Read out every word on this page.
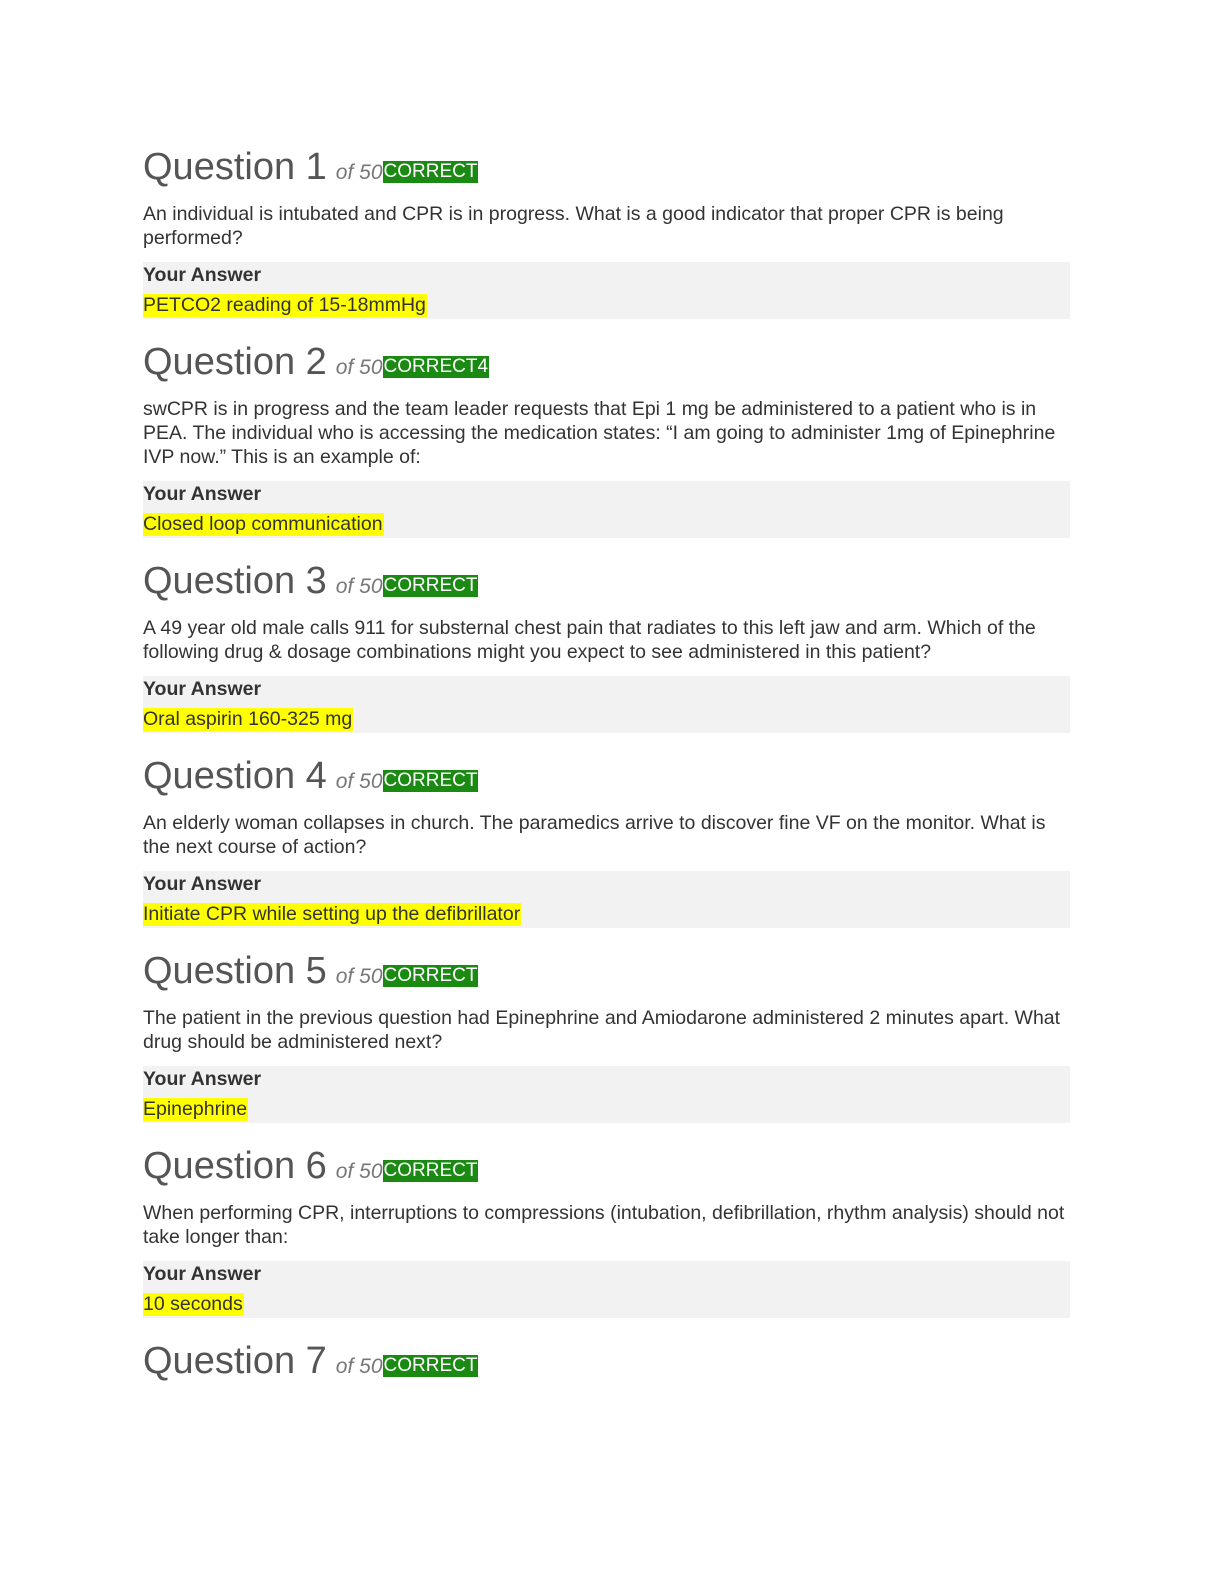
Question 1 of 50CORRECT
An individual is intubated and CPR is in progress. What is a good indicator that proper CPR is being performed?
Your Answer
PETCO2 reading of 15-18mmHg
Question 2 of 50CORRECT4
swCPR is in progress and the team leader requests that Epi 1 mg be administered to a patient who is in PEA. The individual who is accessing the medication states: “I am going to administer 1mg of Epinephrine IVP now.” This is an example of:
Your Answer
Closed loop communication
Question 3 of 50CORRECT
A 49 year old male calls 911 for substernal chest pain that radiates to this left jaw and arm. Which of the following drug & dosage combinations might you expect to see administered in this patient?
Your Answer
Oral aspirin 160-325 mg
Question 4 of 50CORRECT
An elderly woman collapses in church. The paramedics arrive to discover fine VF on the monitor. What is the next course of action?
Your Answer
Initiate CPR while setting up the defibrillator
Question 5 of 50CORRECT
The patient in the previous question had Epinephrine and Amiodarone administered 2 minutes apart. What drug should be administered next?
Your Answer
Epinephrine
Question 6 of 50CORRECT
When performing CPR, interruptions to compressions (intubation, defibrillation, rhythm analysis) should not take longer than:
Your Answer
10 seconds
Question 7 of 50CORRECT
